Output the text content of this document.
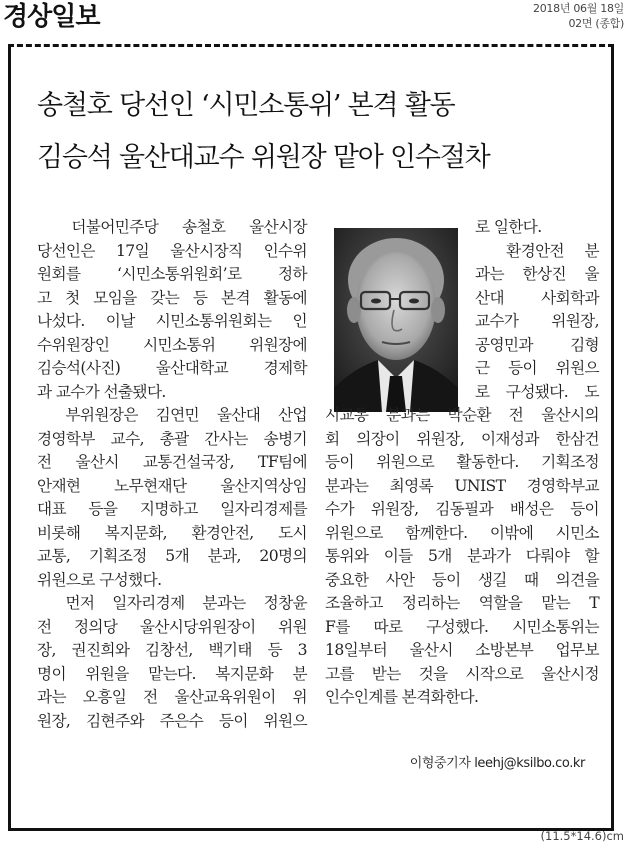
경상일보	2018년 06월 18일
02면 (종합)
송철호 당선인 ‘시민소통위’ 본격 활동
김승석 울산대교수 위원장 맡아 인수절차
　더불어민주당 송철호 울산시장
당선인은 17일 울산시장직 인수위
원회를 ‘시민소통위원회’로 정하
고 첫 모임을 갖는 등 본격 활동에
나섰다. 이날 시민소통위원회는 인
수위원장인 시민소통위 위원장에
김승석(사진) 울산대학교 경제학
과 교수가 선출됐다.
　부위원장은 김연민 울산대 산업
경영학부 교수, 총괄 간사는 송병기
전 울산시 교통건설국장, TF팀에
안재현 노무현재단 울산지역상임
대표 등을 지명하고 일자리경제를
비롯해 복지문화, 환경안전, 도시
교통, 기획조정 5개 분과, 20명의
위원으로 구성했다.
　먼저 일자리경제 분과는 정창윤
전 정의당 울산시당위원장이 위원
장, 권진희와 김창선, 백기태 등 3
명이 위원을 맡는다. 복지문화 분
과는 오흥일 전 울산교육위원이 위
원장, 김현주와 주은수 등이 위원으
로 일한다.
　환경안전 분
과는 한상진 울
산대 사회학과
교수가 위원장,
공영민과 김형
근 등이 위원으
로 구성됐다. 도
시교통 분과는 박순환 전 울산시의
회 의장이 위원장, 이재성과 한삼건
등이 위원으로 활동한다. 기획조정
분과는 최영록 UNIST 경영학부교
수가 위원장, 김동필과 배성은 등이
위원으로 함께한다. 이밖에 시민소
통위와 이들 5개 분과가 다뤄야 할
중요한 사안 등이 생길 때 의견을
조율하고 정리하는 역할을 맡는 T
F를 따로 구성했다. 시민소통위는
18일부터 울산시 소방본부 업무보
고를 받는 것을 시작으로 울산시정
인수인계를 본격화한다.
이형중기자 leehj@ksilbo.co.kr
(11.5*14.6)cm
